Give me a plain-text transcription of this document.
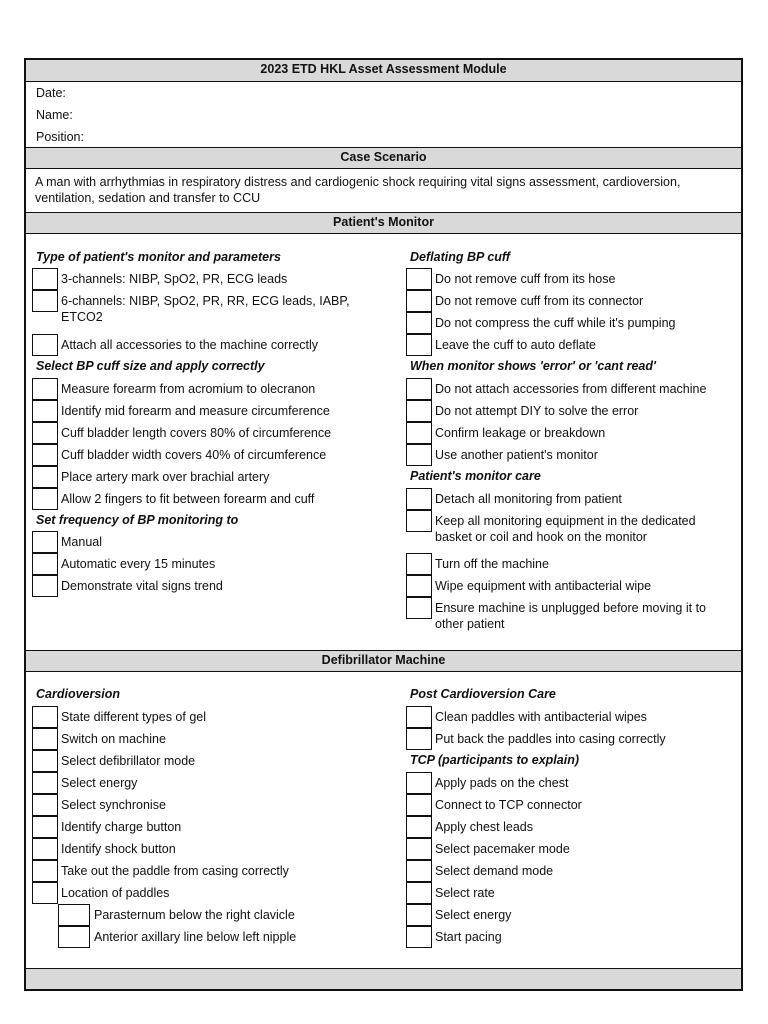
2023 ETD HKL Asset Assessment Module
Date:
Name:
Position:
Case Scenario
A man with arrhythmias in respiratory distress and cardiogenic shock requiring vital signs assessment, cardioversion, ventilation, sedation and transfer to CCU
Patient's Monitor
Type of patient's monitor and parameters
3-channels: NIBP, SpO2, PR, ECG leads
6-channels: NIBP, SpO2, PR, RR, ECG leads, IABP, ETCO2
Attach all accessories to the machine correctly
Select BP cuff size and apply correctly
Measure forearm from acromium to olecranon
Identify mid forearm and measure circumference
Cuff bladder length covers 80% of circumference
Cuff bladder width covers 40% of circumference
Place artery mark over brachial artery
Allow 2 fingers to fit between forearm and cuff
Set frequency of BP monitoring to
Manual
Automatic every 15 minutes
Demonstrate vital signs trend
Deflating BP cuff
Do not remove cuff from its hose
Do not remove cuff from its connector
Do not compress the cuff while it's pumping
Leave the cuff to auto deflate
When monitor shows 'error' or 'cant read'
Do not attach accessories from different machine
Do not attempt DIY to solve the error
Confirm leakage or breakdown
Use another patient's monitor
Patient's monitor care
Detach all monitoring from patient
Keep all monitoring equipment in the dedicated basket or coil and hook on the monitor
Turn off the machine
Wipe equipment with antibacterial wipe
Ensure machine is unplugged before moving it to other patient
Defibrillator Machine
Cardioversion
State different types of gel
Switch on machine
Select defibrillator mode
Select energy
Select synchronise
Identify charge button
Identify shock button
Take out the paddle from casing correctly
Location of paddles
Parasternum below the right clavicle
Anterior axillary line below left nipple
Post Cardioversion Care
Clean paddles with antibacterial wipes
Put back the paddles into casing correctly
TCP (participants to explain)
Apply pads on the chest
Connect to TCP connector
Apply chest leads
Select pacemaker mode
Select demand mode
Select rate
Select energy
Start pacing
